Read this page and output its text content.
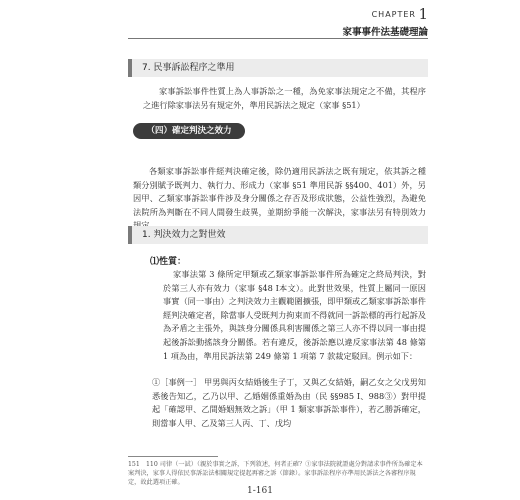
CHAPTER 1
家事事件法基礎理論
7. 民事訴訟程序之準用

家事訴訟事件性質上為人事訴訟之一種，為免家事法規定之不備，其程序之進行除家事法另有規定外，準用民訴法之規定（家事 §51）

（四）確定判決之效力

各類家事訴訟事件經判決確定後，除仍適用民訴法之既有規定，依其訴之種類分別賦予既判力、執行力、形成力（家事 §51 準用民訴 §§400、401）外，另因甲、乙類家事訴訟事件涉及身分關係之存否及形成狀態，公益性強烈，為避免法院所為判斷在不同人間發生歧異，並期紛爭能一次解決，家事法另有特別效力

1. 判決效力之對世效
⑴性質：

家事法第 3 條所定甲類或乙類家事訴訟事件所為確定之終局判決，對於第三人亦有效力（家事 §48 Ⅰ本文）。此對世效果，性質上屬同一原因事實（同一事由）之判決效力主觀範圍擴張，即甲類或乙類家事訴訟事件經判決確定者，除當事人受既判力拘束而不得就同一訴訟標的再行起訴及為矛盾之主張外，與該身分關係具利害關係之第三人亦不得以同一事由提起後訴訟動搖該身分關係。若有違反，後訴訟應以違反家事法第 48 條第 1 項為由，準用民訴法第 249 條第 1 項第 7 款裁定駁回。例示如下：

①［事例一］ 甲男與丙女結婚後生子丁，又與乙女結婚，嗣乙女之父戊男知悉後告知乙，乙乃以甲、乙婚姻係重婚為由（民 §§985 Ⅰ、988③）對甲提起「確認甲、乙間婚姻無效之訴」（甲 1 類家事訴訟事件），若乙勝訴確定，則當事人甲、乙及第三人丙、丁、戊均

151　110 司律（一試）（親於事實之訴，下列敘述，何者正確？①家事法院就證處分對請求事件所為確定本案判決，家事人得依民事訴訟法相關規定提起再審之訴（節錄）。家事訴訟程序亦準用民訴法之各審程序規定，故此選項正確。

1-161
